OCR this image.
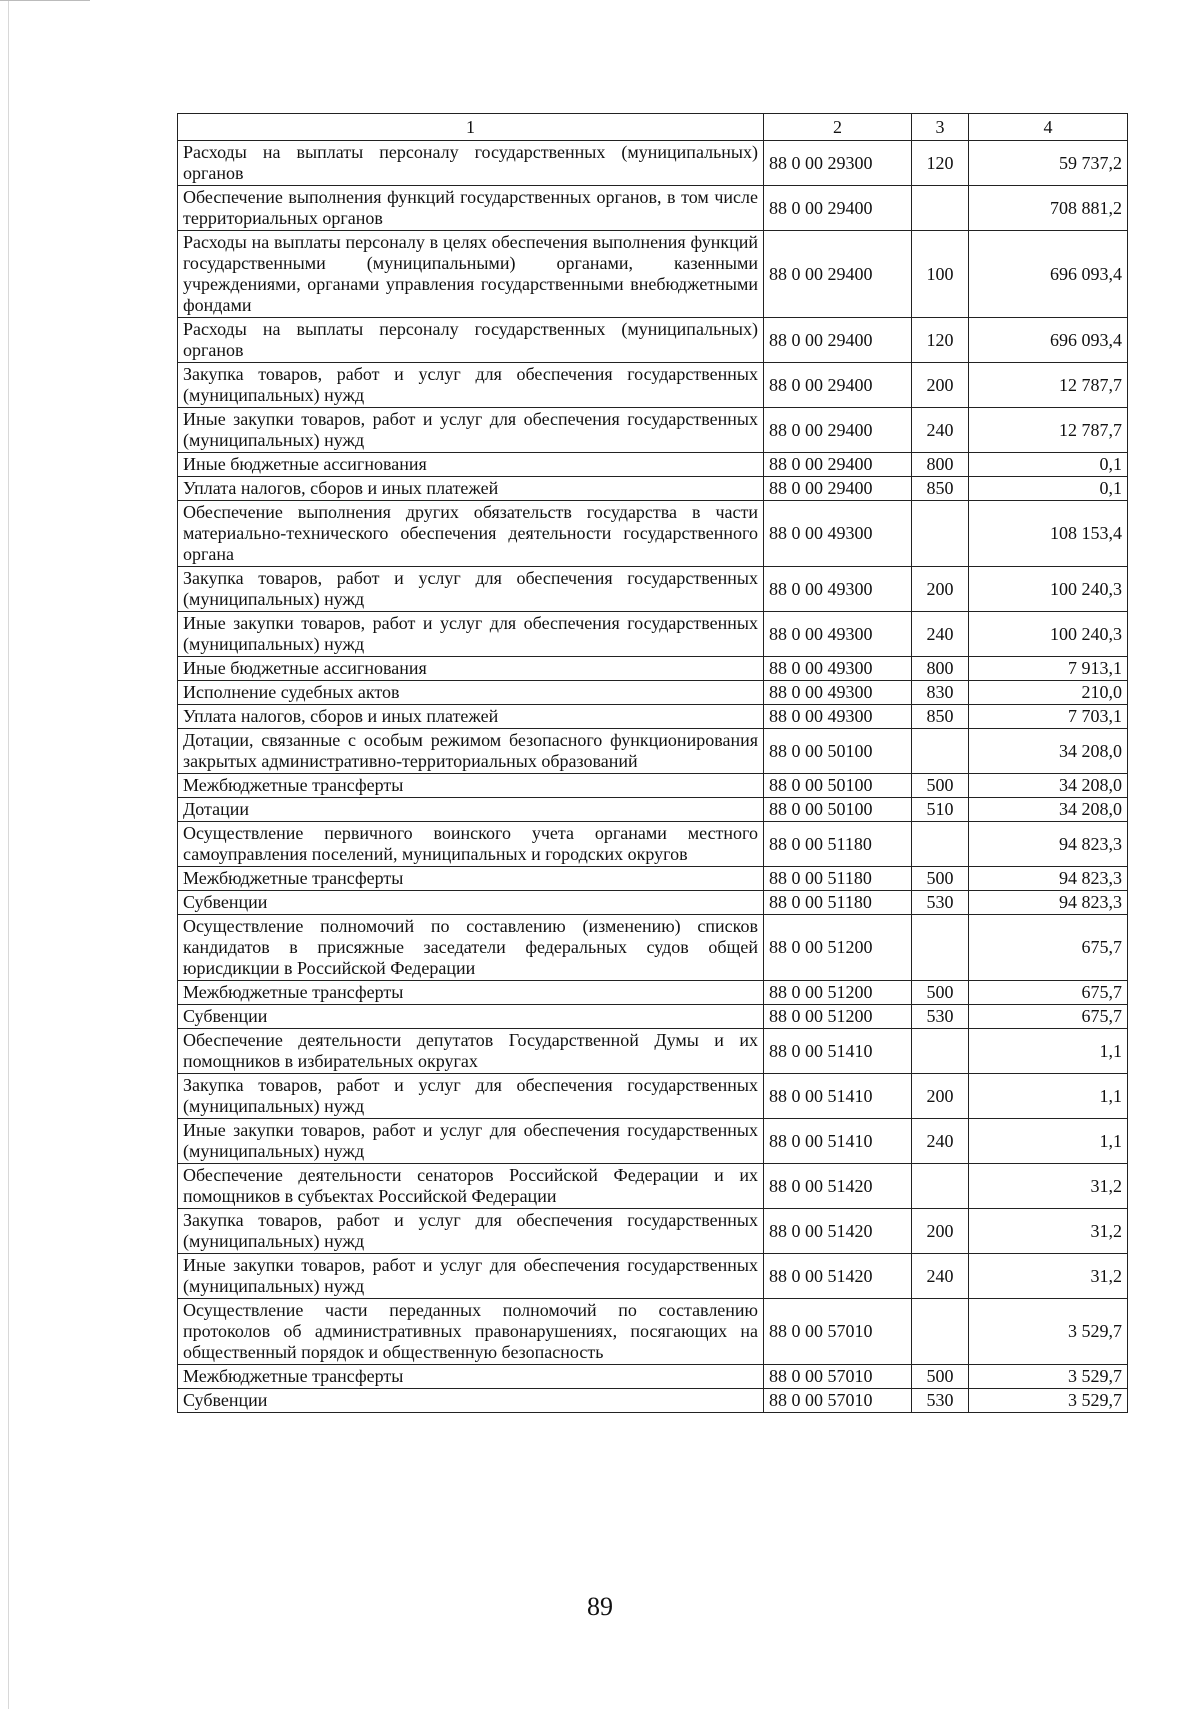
1	2	3	4
Расходы на выплаты персоналу государственных (муниципальных) органов	88 0 00 29300	120	59 737,2
Обеспечение выполнения функций государственных органов, в том числе территориальных органов	88 0 00 29400		708 881,2
Расходы на выплаты персоналу в целях обеспечения выполнения функций государственными (муниципальными) органами, казенными учреждениями, органами управления государственными внебюджетными фондами	88 0 00 29400	100	696 093,4
Расходы на выплаты персоналу государственных (муниципальных) органов	88 0 00 29400	120	696 093,4
Закупка товаров, работ и услуг для обеспечения государственных (муниципальных) нужд	88 0 00 29400	200	12 787,7
Иные закупки товаров, работ и услуг для обеспечения государственных (муниципальных) нужд	88 0 00 29400	240	12 787,7
Иные бюджетные ассигнования	88 0 00 29400	800	0,1
Уплата налогов, сборов и иных платежей	88 0 00 29400	850	0,1
Обеспечение выполнения других обязательств государства в части материально-технического обеспечения деятельности государственного органа	88 0 00 49300		108 153,4
Закупка товаров, работ и услуг для обеспечения государственных (муниципальных) нужд	88 0 00 49300	200	100 240,3
Иные закупки товаров, работ и услуг для обеспечения государственных (муниципальных) нужд	88 0 00 49300	240	100 240,3
Иные бюджетные ассигнования	88 0 00 49300	800	7 913,1
Исполнение судебных актов	88 0 00 49300	830	210,0
Уплата налогов, сборов и иных платежей	88 0 00 49300	850	7 703,1
Дотации, связанные с особым режимом безопасного функционирования закрытых административно-территориальных образований	88 0 00 50100		34 208,0
Межбюджетные трансферты	88 0 00 50100	500	34 208,0
Дотации	88 0 00 50100	510	34 208,0
Осуществление первичного воинского учета органами местного самоуправления поселений, муниципальных и городских округов	88 0 00 51180		94 823,3
Межбюджетные трансферты	88 0 00 51180	500	94 823,3
Субвенции	88 0 00 51180	530	94 823,3
Осуществление полномочий по составлению (изменению) списков кандидатов в присяжные заседатели федеральных судов общей юрисдикции в Российской Федерации	88 0 00 51200		675,7
Межбюджетные трансферты	88 0 00 51200	500	675,7
Субвенции	88 0 00 51200	530	675,7
Обеспечение деятельности депутатов Государственной Думы и их помощников в избирательных округах	88 0 00 51410		1,1
Закупка товаров, работ и услуг для обеспечения государственных (муниципальных) нужд	88 0 00 51410	200	1,1
Иные закупки товаров, работ и услуг для обеспечения государственных (муниципальных) нужд	88 0 00 51410	240	1,1
Обеспечение деятельности сенаторов Российской Федерации и их помощников в субъектах Российской Федерации	88 0 00 51420		31,2
Закупка товаров, работ и услуг для обеспечения государственных (муниципальных) нужд	88 0 00 51420	200	31,2
Иные закупки товаров, работ и услуг для обеспечения государственных (муниципальных) нужд	88 0 00 51420	240	31,2
Осуществление части переданных полномочий по составлению протоколов об административных правонарушениях, посягающих на общественный порядок и общественную безопасность	88 0 00 57010		3 529,7
Межбюджетные трансферты	88 0 00 57010	500	3 529,7
Субвенции	88 0 00 57010	530	3 529,7
89
